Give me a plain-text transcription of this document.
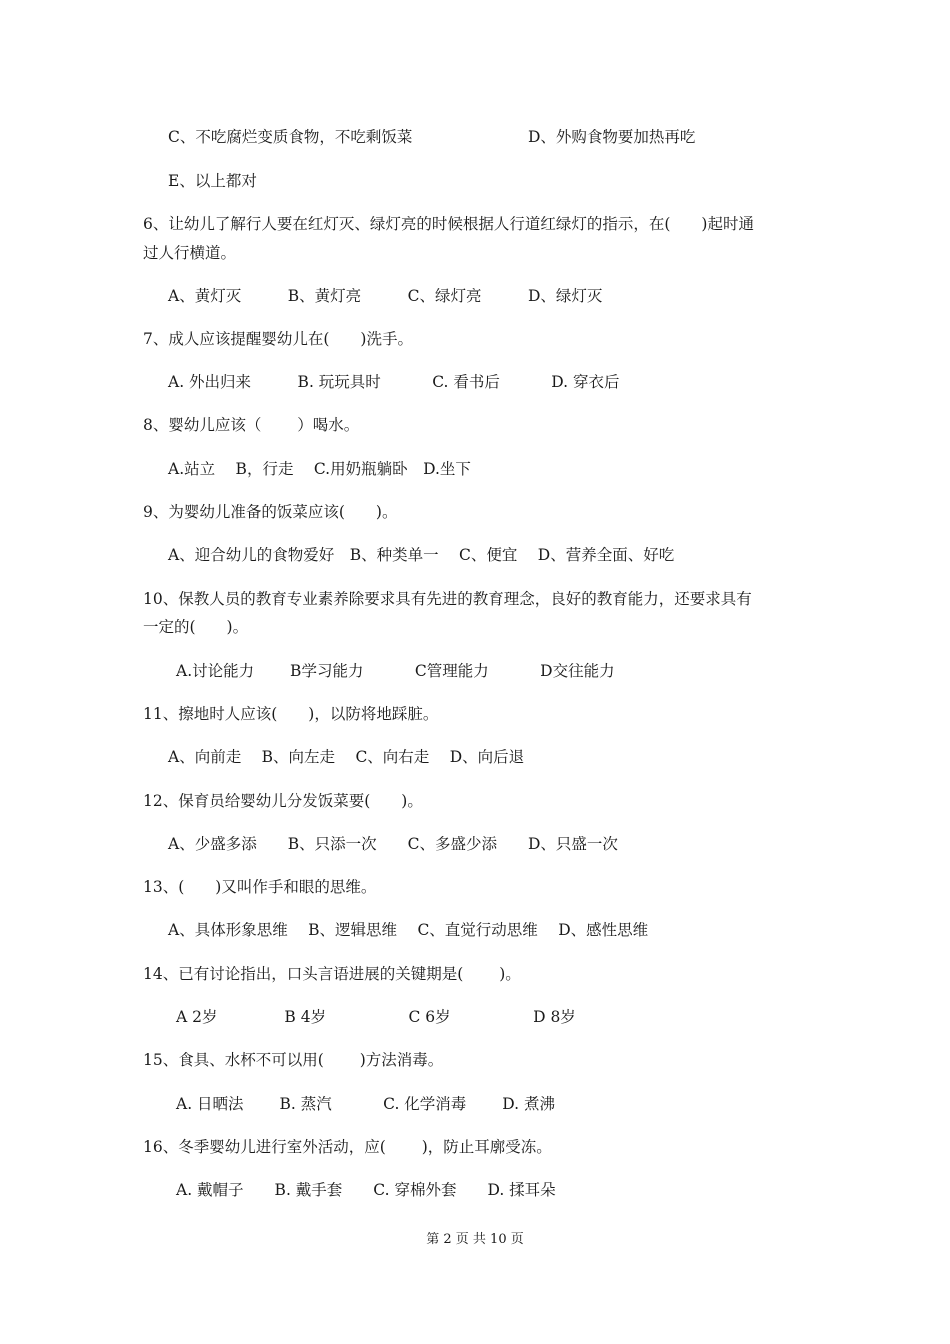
C、不吃腐烂变质食物，不吃剩饭菜	D、外购食物要加热再吃
E、以上都对
6、让幼儿了解行人要在红灯灭、绿灯亮的时候根据人行道红绿灯的指示，在(　　)起时通
过人行横道。
A、黄灯灭　　　B、黄灯亮　　　C、绿灯亮　　　D、绿灯灭
7、成人应该提醒婴幼儿在(　　)洗手。
A. 外出归来　　　B. 玩玩具时　　　 C. 看书后　　　 D. 穿衣后
8、婴幼儿应该（　　 ）喝水。
A.站立　 B，行走　 C.用奶瓶躺卧　D.坐下
9、为婴幼儿准备的饭菜应该(　　)。
A、迎合幼儿的食物爱好　B、种类单一　 C、便宜　 D、营养全面、好吃
10、保教人员的教育专业素养除要求具有先进的教育理念，良好的教育能力，还要求具有
一定的(　　)。
A.讨论能力　　 B学习能力　　　 C管理能力　　　 D交往能力
11、擦地时人应该(　　)，以防将地踩脏。
A、向前走　 B、向左走　 C、向右走　 D、向后退
12、保育员给婴幼儿分发饭菜要(　　)。
A、少盛多添　　B、只添一次　　C、多盛少添　　D、只盛一次
13、(　　)又叫作手和眼的思维。
A、具体形象思维　 B、逻辑思维　 C、直觉行动思维　 D、感性思维
14、已有讨论指出，口头言语进展的关键期是(　　 )。
A 2岁　　　　 B 4岁　　　　　 C 6岁　　　　　 D 8岁
15、食具、水杯不可以用(　　 )方法消毒。
A. 日晒法　　 B. 蒸汽　　　 C. 化学消毒　　 D. 煮沸
16、冬季婴幼儿进行室外活动，应(　　 )，防止耳廓受冻。
A. 戴帽子　　B. 戴手套　　C. 穿棉外套　　D. 揉耳朵
第 2 页 共 10 页
